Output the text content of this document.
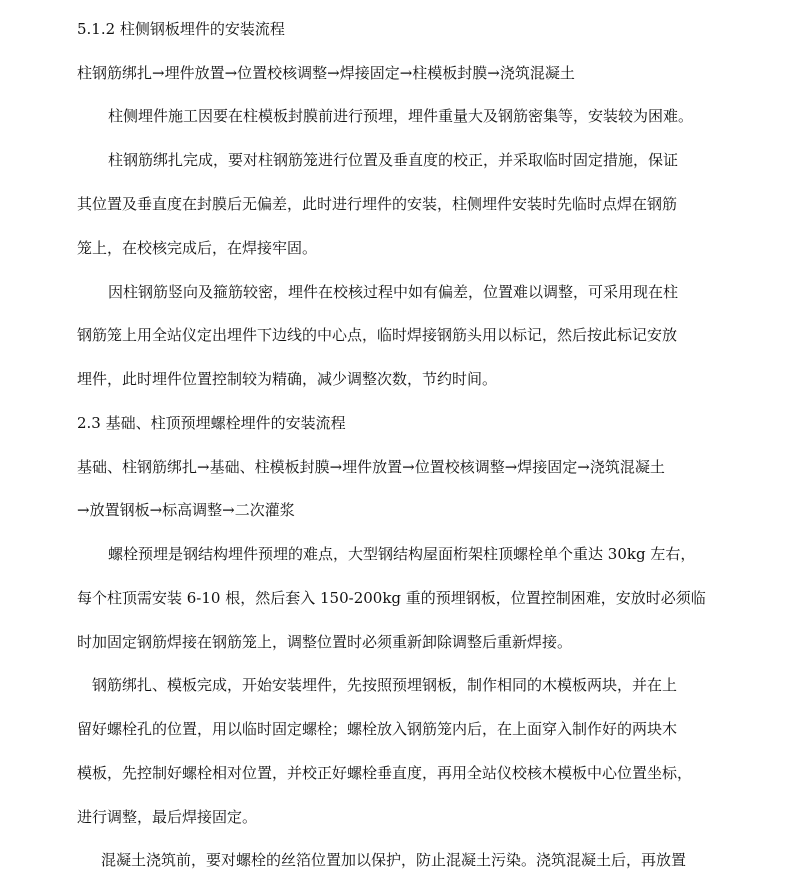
5.1.2 柱侧钢板埋件的安装流程
柱钢筋绑扎→埋件放置→位置校核调整→焊接固定→柱模板封膜→浇筑混凝土
柱侧埋件施工因要在柱模板封膜前进行预埋，埋件重量大及钢筋密集等，安装较为困难。
柱钢筋绑扎完成，要对柱钢筋笼进行位置及垂直度的校正，并采取临时固定措施，保证
其位置及垂直度在封膜后无偏差，此时进行埋件的安装，柱侧埋件安装时先临时点焊在钢筋
笼上，在校核完成后，在焊接牢固。
因柱钢筋竖向及箍筋较密，埋件在校核过程中如有偏差，位置难以调整，可采用现在柱
钢筋笼上用全站仪定出埋件下边线的中心点，临时焊接钢筋头用以标记，然后按此标记安放
埋件，此时埋件位置控制较为精确，减少调整次数，节约时间。
2.3 基础、柱顶预埋螺栓埋件的安装流程
基础、柱钢筋绑扎→基础、柱模板封膜→埋件放置→位置校核调整→焊接固定→浇筑混凝土
→放置钢板→标高调整→二次灌浆
螺栓预埋是钢结构埋件预埋的难点，大型钢结构屋面桁架柱顶螺栓单个重达 30kg 左右，
每个柱顶需安装 6-10 根，然后套入 150-200kg 重的预埋钢板，位置控制困难，安放时必须临
时加固定钢筋焊接在钢筋笼上，调整位置时必须重新卸除调整后重新焊接。
钢筋绑扎、模板完成，开始安装埋件，先按照预埋钢板，制作相同的木模板两块，并在上
留好螺栓孔的位置，用以临时固定螺栓；螺栓放入钢筋笼内后，在上面穿入制作好的两块木
模板，先控制好螺栓相对位置，并校正好螺栓垂直度，再用全站仪校核木模板中心位置坐标，
进行调整，最后焊接固定。
混凝土浇筑前，要对螺栓的丝箔位置加以保护，防止混凝土污染。浇筑混凝土后，再放置
